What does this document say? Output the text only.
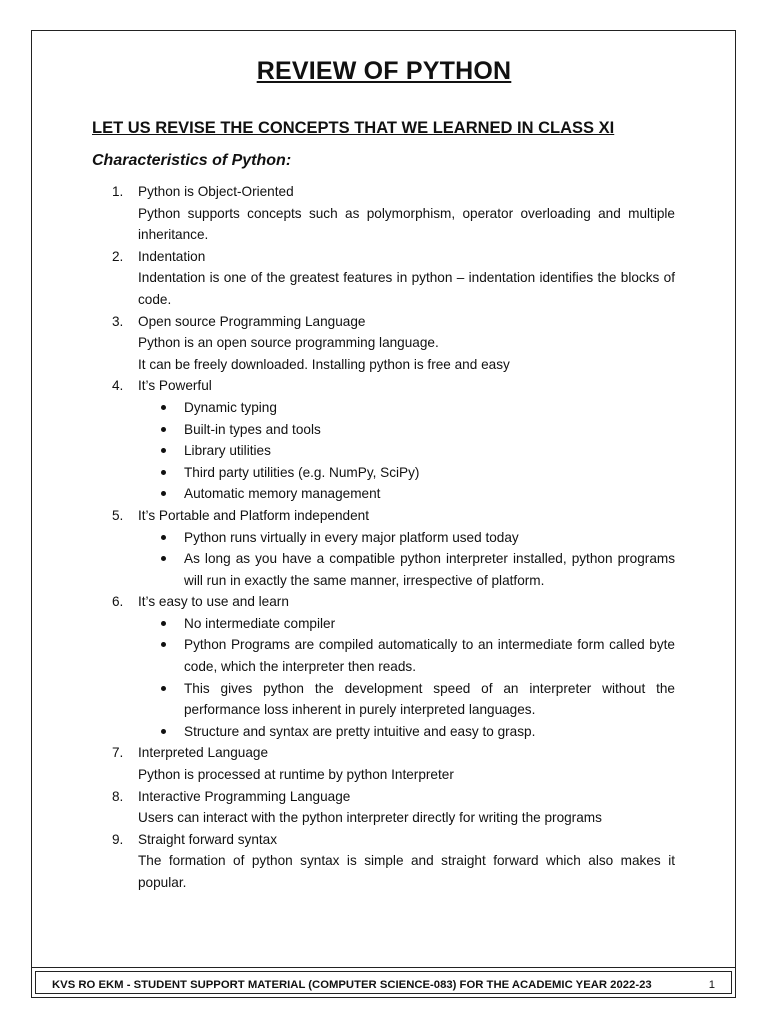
REVIEW OF PYTHON
LET US REVISE THE CONCEPTS THAT WE LEARNED IN CLASS XI
Characteristics of Python:
1. Python is Object-Oriented
Python supports concepts such as polymorphism, operator overloading and multiple inheritance.
2. Indentation
Indentation is one of the greatest features in python – indentation identifies the blocks of code.
3. Open source Programming Language
Python is an open source programming language.
It can be freely downloaded. Installing python is free and easy
4. It’s Powerful
Dynamic typing
Built-in types and tools
Library utilities
Third party utilities (e.g. NumPy, SciPy)
Automatic memory management
5. It’s Portable and Platform independent
Python runs virtually in every major platform used today
As long as you have a compatible python interpreter installed, python programs will run in exactly the same manner, irrespective of platform.
6. It’s easy to use and learn
No intermediate compiler
Python Programs are compiled automatically to an intermediate form called byte code, which the interpreter then reads.
This gives python the development speed of an interpreter without the performance loss inherent in purely interpreted languages.
Structure and syntax are pretty intuitive and easy to grasp.
7. Interpreted Language
Python is processed at runtime by python Interpreter
8. Interactive Programming Language
Users can interact with the python interpreter directly for writing the programs
9. Straight forward syntax
The formation of python syntax is simple and straight forward which also makes it popular.
KVS RO EKM - STUDENT SUPPORT MATERIAL (COMPUTER SCIENCE-083) FOR THE ACADEMIC YEAR 2022-23	1
